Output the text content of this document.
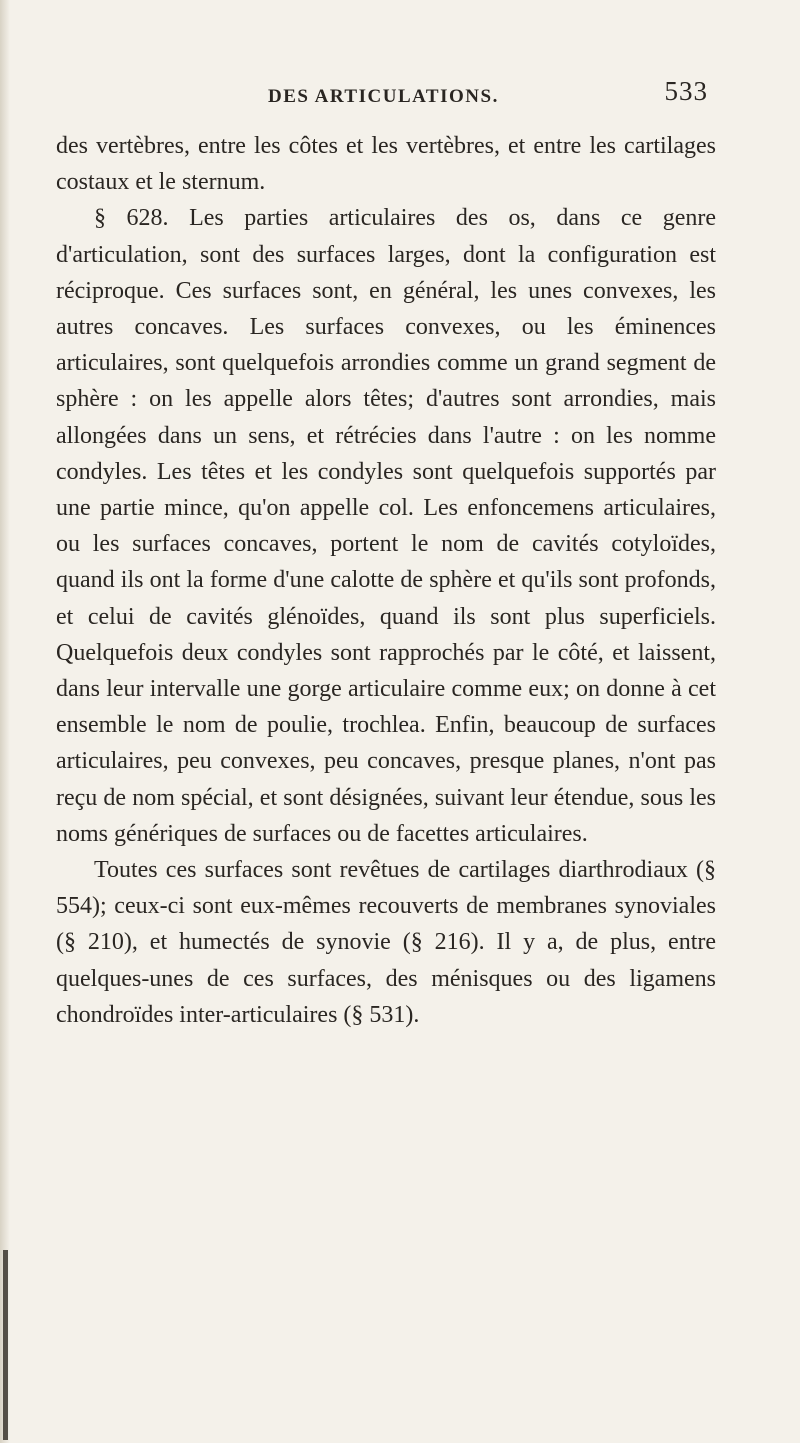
DES ARTICULATIONS.	533

des vertèbres, entre les côtes et les vertèbres, et entre les cartilages costaux et le sternum.

§ 628. Les parties articulaires des os, dans ce genre d'articulation, sont des surfaces larges, dont la configuration est réciproque. Ces surfaces sont, en général, les unes convexes, les autres concaves. Les surfaces convexes, ou les éminences articulaires, sont quelquefois arrondies comme un grand segment de sphère : on les appelle alors têtes; d'autres sont arrondies, mais allongées dans un sens, et rétrécies dans l'autre : on les nomme condyles. Les têtes et les condyles sont quelquefois supportés par une partie mince, qu'on appelle col. Les enfoncemens articulaires, ou les surfaces concaves, portent le nom de cavités cotyloïdes, quand ils ont la forme d'une calotte de sphère et qu'ils sont profonds, et celui de cavités glénoïdes, quand ils sont plus superficiels. Quelquefois deux condyles sont rapprochés par le côté, et laissent, dans leur intervalle une gorge articulaire comme eux; on donne à cet ensemble le nom de poulie, trochlea. Enfin, beaucoup de surfaces articulaires, peu convexes, peu concaves, presque planes, n'ont pas reçu de nom spécial, et sont désignées, suivant leur étendue, sous les noms génériques de surfaces ou de facettes articulaires.

Toutes ces surfaces sont revêtues de cartilages diarthrodiaux (§ 554); ceux-ci sont eux-mêmes recouverts de membranes synoviales (§ 210), et humectés de synovie (§ 216). Il y a, de plus, entre quelques-unes de ces surfaces, des ménisques ou des ligamens chondroïdes inter-articulaires (§ 531).
